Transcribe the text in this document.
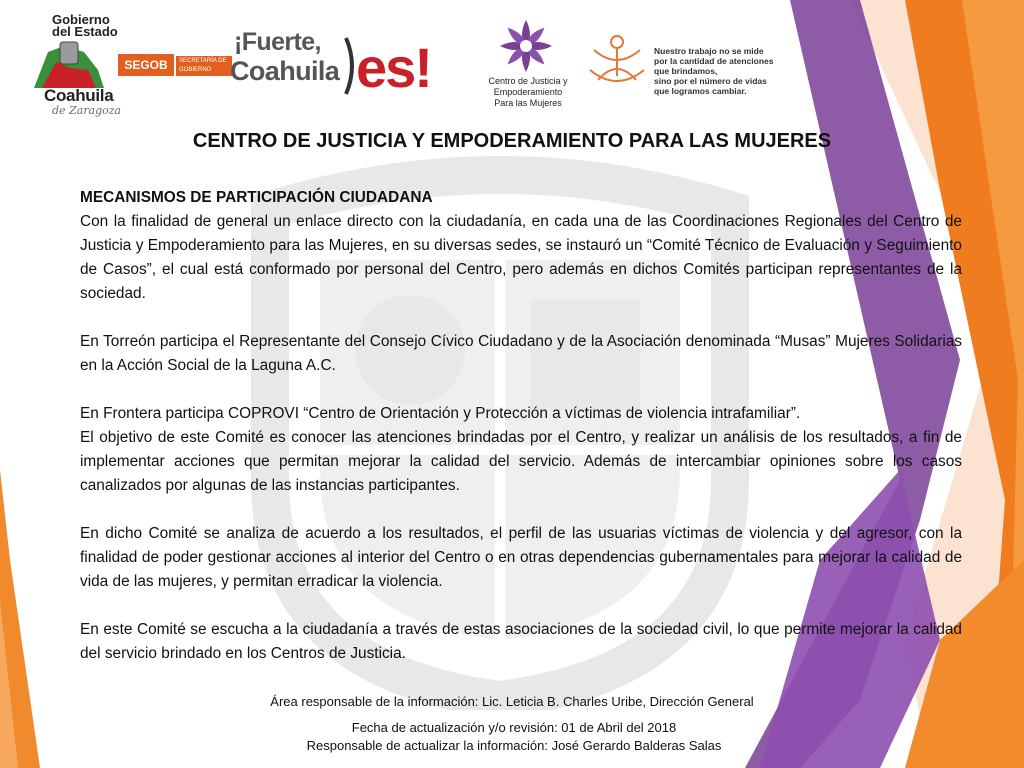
Gobierno
del Estado
Coahuila
de Zaragoza
SEGOB	SECRETARÍA DE GOBIERNO
¡Fuerte,
Coahuila es!	Centro de Justicia y
Empoderamiento
Para las Mujeres
Nuestro trabajo no se mide
por la cantidad de atenciones
que brindamos,
sino por el número de vidas
que logramos cambiar.
CENTRO DE JUSTICIA Y EMPODERAMIENTO PARA LAS MUJERES

MECANISMOS DE PARTICIPACIÓN CIUDADANA

Con la finalidad de general un enlace directo con la ciudadanía, en cada una de las Coordinaciones Regionales del Centro de Justicia y Empoderamiento para las Mujeres, en su diversas sedes, se instauró un “Comité Técnico de Evaluación y Seguimiento de Casos”, el cual está conformado por personal del Centro, pero además en dichos Comités participan representantes de la sociedad.

En Torreón participa el Representante del Consejo Cívico Ciudadano y de la Asociación denominada “Musas” Mujeres Solidarias en la Acción Social de la Laguna A.C.

En Frontera participa COPROVI “Centro de Orientación y Protección a víctimas de violencia intrafamiliar”.

El objetivo de este Comité es conocer las atenciones brindadas por el Centro, y realizar un análisis de los resultados, a fin de implementar acciones que permitan mejorar la calidad del servicio. Además de intercambiar opiniones sobre los casos canalizados por algunas de las instancias participantes.

En dicho Comité se analiza de acuerdo a los resultados, el perfil de las usuarias víctimas de violencia y del agresor, con la finalidad de poder gestionar acciones al interior del Centro o en otras dependencias gubernamentales para mejorar la calidad de vida de las mujeres, y permitan erradicar la violencia.

En este Comité se escucha a la ciudadanía a través de estas asociaciones de la sociedad civil, lo que permite mejorar la calidad del servicio brindado en los Centros de Justicia.

Área responsable de la información: Lic. Leticia B. Charles Uribe, Dirección General
Fecha de actualización y/o revisión: 01 de Abril del 2018
Responsable de actualizar la información: José Gerardo Balderas Salas
